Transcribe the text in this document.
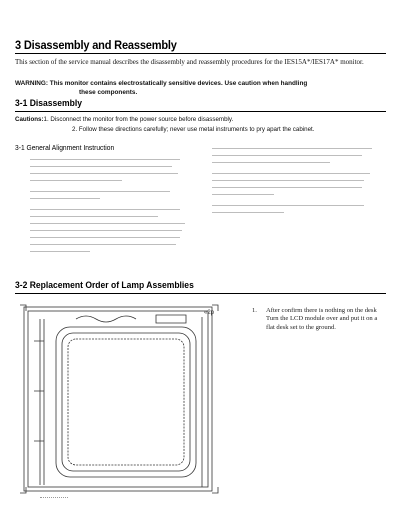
3 Disassembly and Reassembly
This section of the service manual describes the disassembly and reassembly procedures for the IES15A*/IES17A* monitor.
WARNING: This monitor contains electrostatically sensitive devices. Use caution when handling
these components.
3-1 Disassembly
Cautions:1. Disconnect the monitor from the power source before disassembly.
2. Follow these directions carefully; never use metal instruments to pry apart the cabinet.
3-1 General Alignment Instruction
3-2 Replacement Order of Lamp Assemblies
«2p	1. After confirm there is nothing on the desk
Turn the LCD module over and put it on a flat desk set to the ground.
